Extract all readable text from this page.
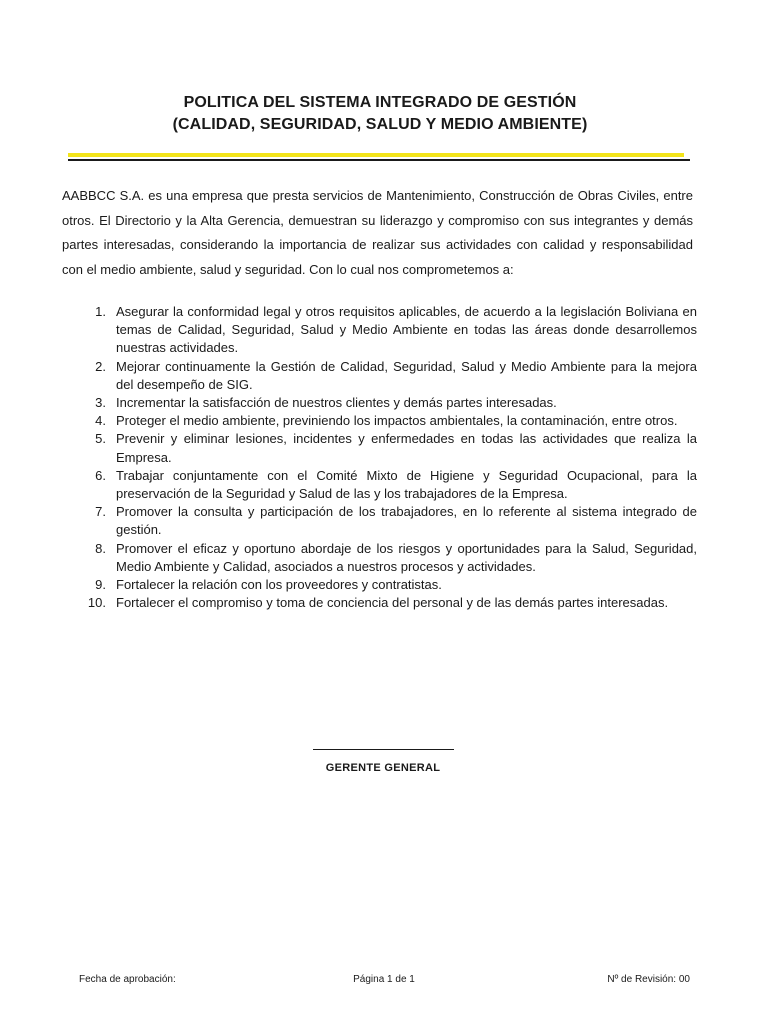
POLITICA DEL SISTEMA INTEGRADO DE GESTIÓN
(CALIDAD, SEGURIDAD, SALUD Y MEDIO AMBIENTE)

AABBCC S.A. es una empresa que presta servicios de Mantenimiento, Construcción de Obras Civiles, entre otros. El Directorio y la Alta Gerencia, demuestran su liderazgo y compromiso con sus integrantes y demás partes interesadas, considerando la importancia de realizar sus actividades con calidad y responsabilidad con el medio ambiente, salud y seguridad. Con lo cual nos comprometemos a:

1. Asegurar la conformidad legal y otros requisitos aplicables, de acuerdo a la legislación Boliviana en temas de Calidad, Seguridad, Salud y Medio Ambiente en todas las áreas donde desarrollemos nuestras actividades.
2. Mejorar continuamente la Gestión de Calidad, Seguridad, Salud y Medio Ambiente para la mejora del desempeño de SIG.
3. Incrementar la satisfacción de nuestros clientes y demás partes interesadas.
4. Proteger el medio ambiente, previniendo los impactos ambientales, la contaminación, entre otros.
5. Prevenir y eliminar lesiones, incidentes y enfermedades en todas las actividades que realiza la Empresa.
6. Trabajar conjuntamente con el Comité Mixto de Higiene y Seguridad Ocupacional, para la preservación de la Seguridad y Salud de las y los trabajadores de la Empresa.
7. Promover la consulta y participación de los trabajadores, en lo referente al sistema integrado de gestión.
8. Promover el eficaz y oportuno abordaje de los riesgos y oportunidades para la Salud, Seguridad, Medio Ambiente y Calidad, asociados a nuestros procesos y actividades.
9. Fortalecer la relación con los proveedores y contratistas.
10. Fortalecer el compromiso y toma de conciencia del personal y de las demás partes interesadas.
GERENTE GENERAL
Fecha de aprobación:	Página 1 de 1	Nº de Revisión: 00
